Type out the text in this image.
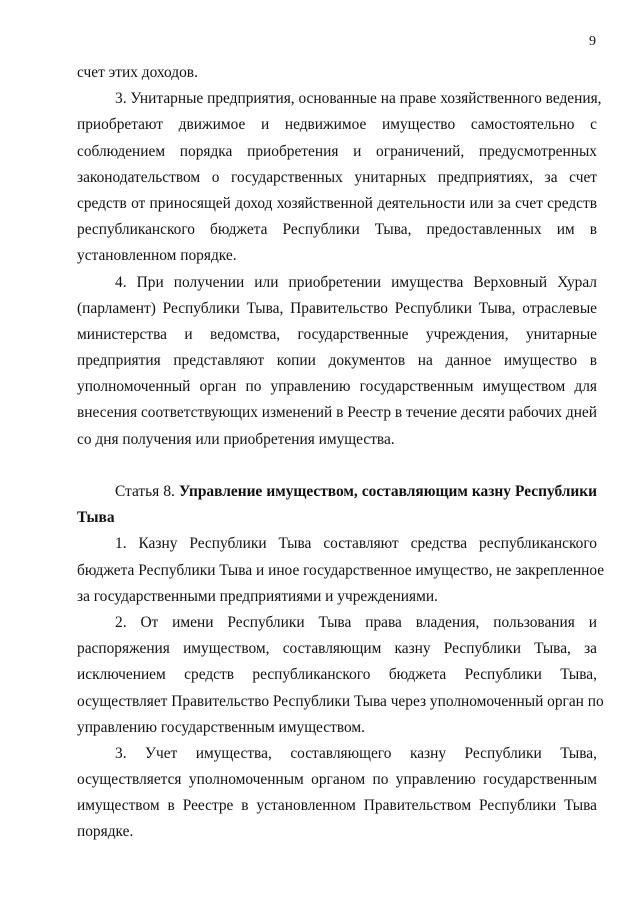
9
счет этих доходов.
3. Унитарные предприятия, основанные на праве хозяйственного ведения,
приобретают движимое и недвижимое имущество самостоятельно с
соблюдением порядка приобретения и ограничений, предусмотренных
законодательством о государственных унитарных предприятиях, за счет
средств от приносящей доход хозяйственной деятельности или за счет средств
республиканского бюджета Республики Тыва, предоставленных им в
установленном порядке.
4. При получении или приобретении имущества Верховный Хурал
(парламент) Республики Тыва, Правительство Республики Тыва, отраслевые
министерства и ведомства, государственные учреждения, унитарные
предприятия представляют копии документов на данное имущество в
уполномоченный орган по управлению государственным имуществом для
внесения соответствующих изменений в Реестр в течение десяти рабочих дней
со дня получения или приобретения имущества.
Статья 8. Управление имуществом, составляющим казну Республики
Тыва
1. Казну Республики Тыва составляют средства республиканского
бюджета Республики Тыва и иное государственное имущество, не закрепленное
за государственными предприятиями и учреждениями.
2. От имени Республики Тыва права владения, пользования и
распоряжения имуществом, составляющим казну Республики Тыва, за
исключением средств республиканского бюджета Республики Тыва,
осуществляет Правительство Республики Тыва через уполномоченный орган по
управлению государственным имуществом.
3. Учет имущества, составляющего казну Республики Тыва,
осуществляется уполномоченным органом по управлению государственным
имуществом в Реестре в установленном Правительством Республики Тыва
порядке.
